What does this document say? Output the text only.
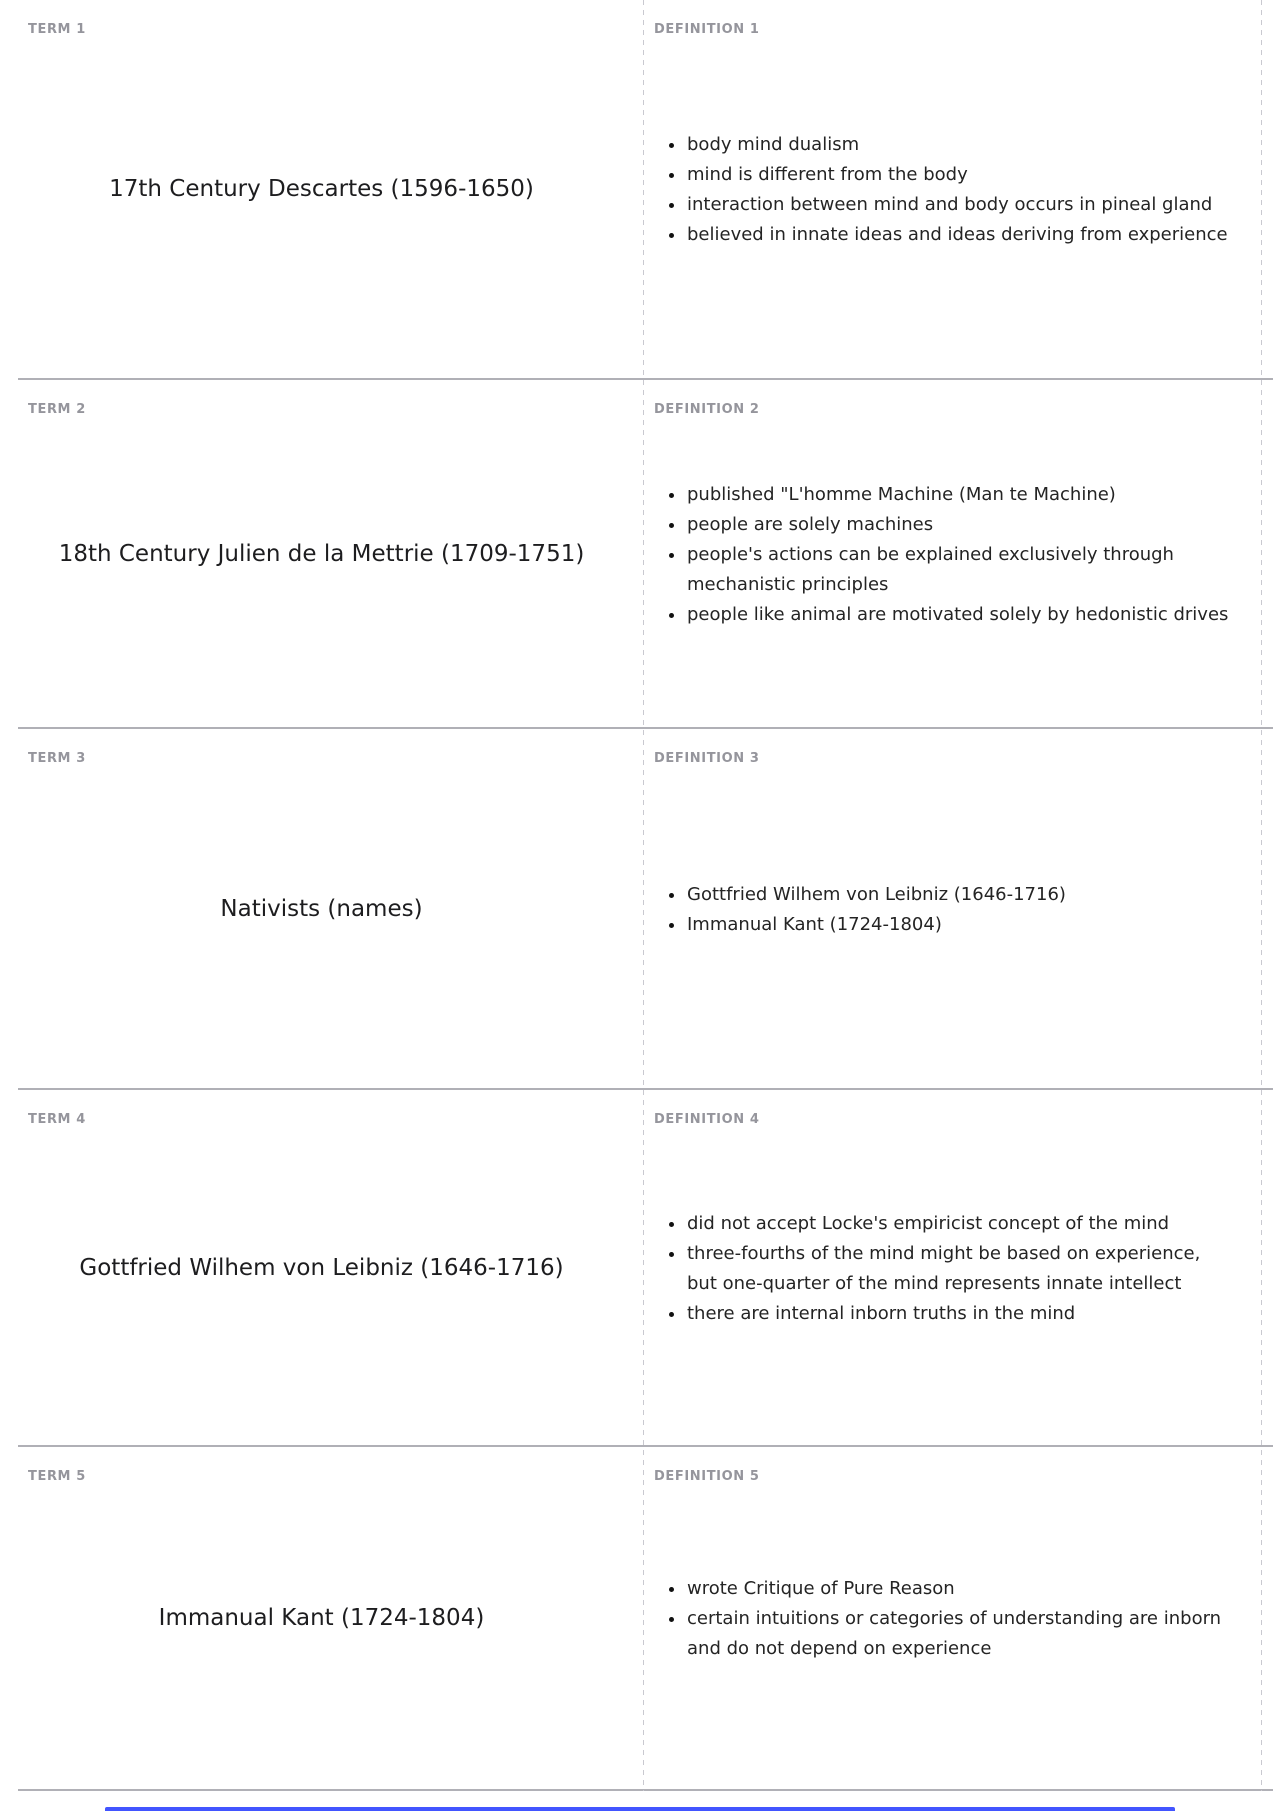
TERM 1
17th Century Descartes (1596-1650)
DEFINITION 1
• body mind dualism
• mind is different from the body
• interaction between mind and body occurs in pineal gland
• believed in innate ideas and ideas deriving from experience
TERM 2
18th Century Julien de la Mettrie (1709-1751)
DEFINITION 2
• published "L'homme Machine (Man te Machine)
• people are solely machines
• people's actions can be explained exclusively through mechanistic principles
• people like animal are motivated solely by hedonistic drives
TERM 3
Nativists (names)
DEFINITION 3
• Gottfried Wilhem von Leibniz (1646-1716)
• Immanual Kant (1724-1804)
TERM 4
Gottfried Wilhem von Leibniz (1646-1716)
DEFINITION 4
• did not accept Locke's empiricist concept of the mind
• three-fourths of the mind might be based on experience, but one-quarter of the mind represents innate intellect
• there are internal inborn truths in the mind
TERM 5
Immanual Kant (1724-1804)
DEFINITION 5
• wrote Critique of Pure Reason
• certain intuitions or categories of understanding are inborn and do not depend on experience
